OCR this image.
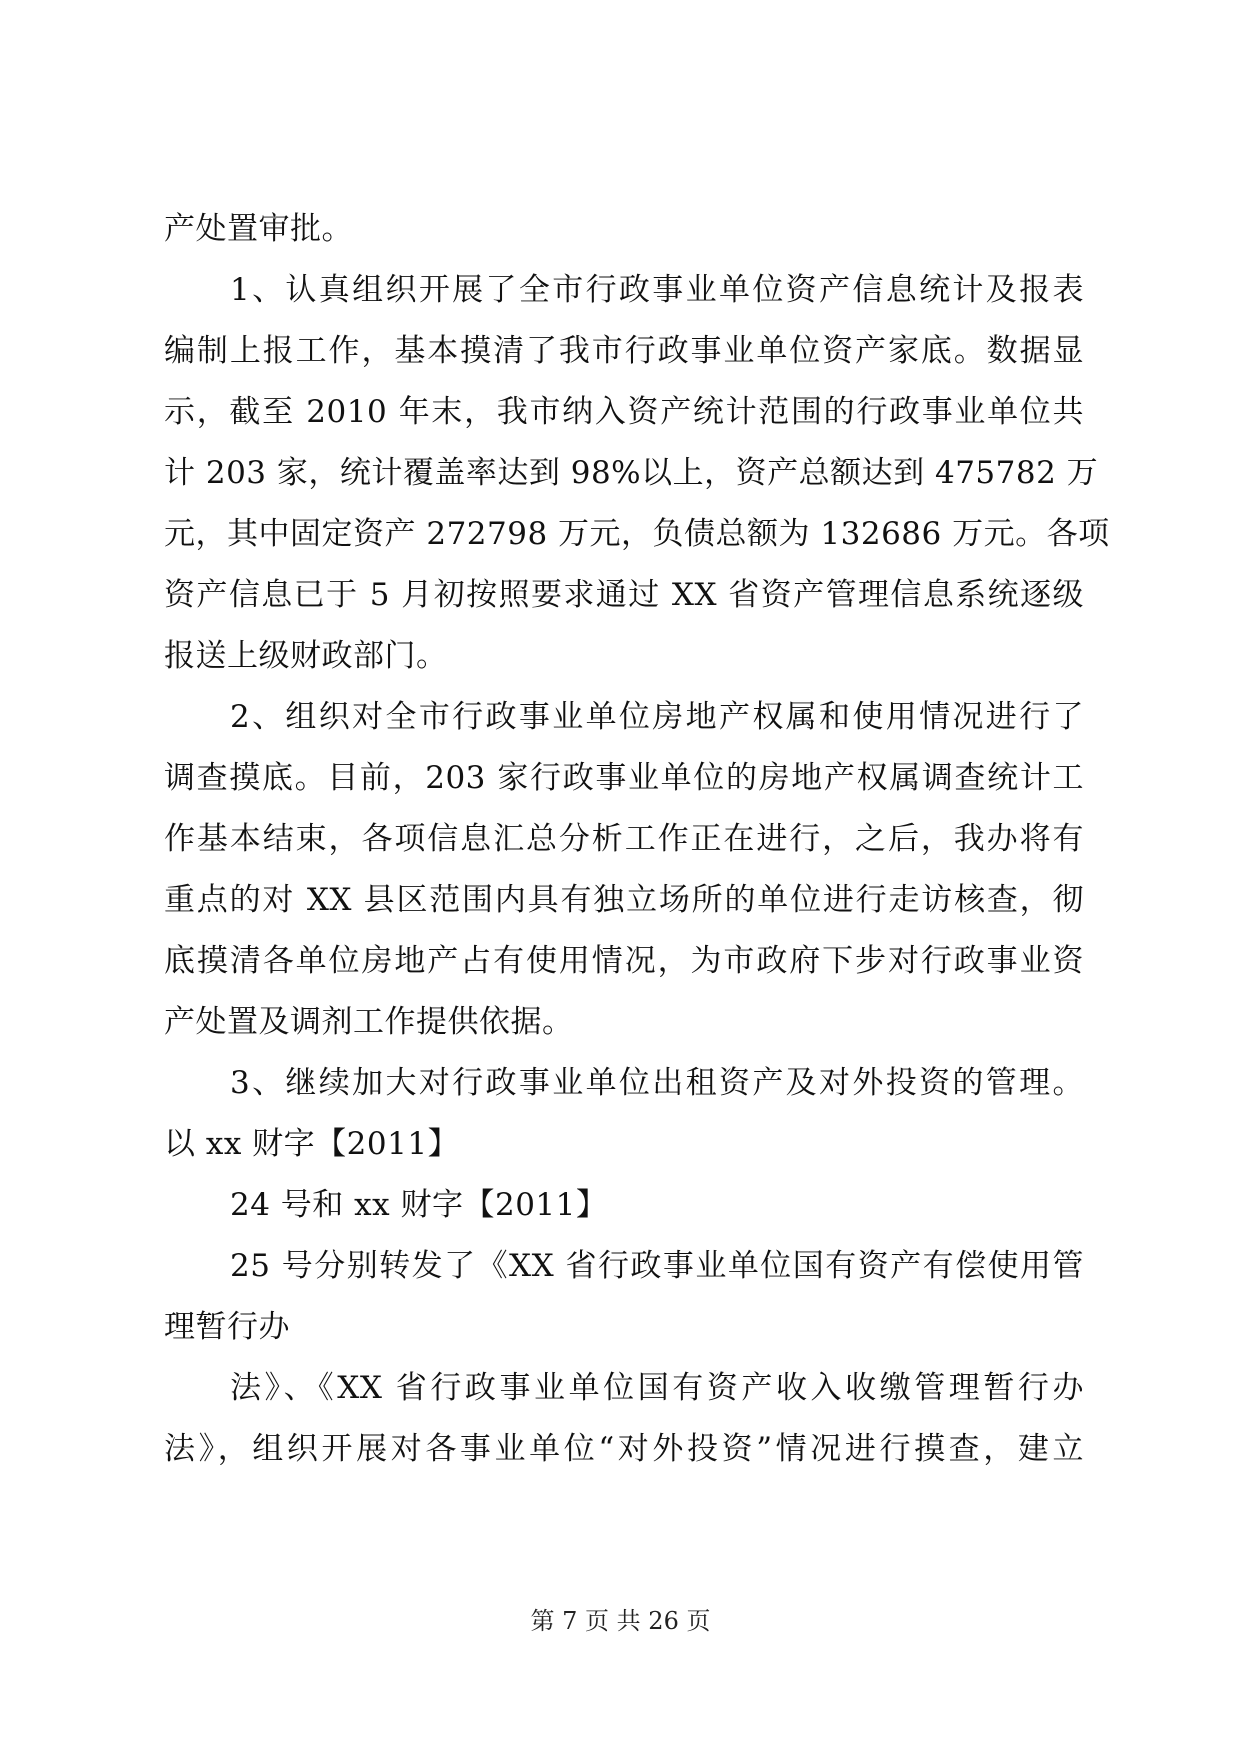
产处置审批。
1、认真组织开展了全市行政事业单位资产信息统计及报表
编制上报工作，基本摸清了我市行政事业单位资产家底。数据显
示，截至 2010 年末，我市纳入资产统计范围的行政事业单位共
计 203 家，统计覆盖率达到 98%以上，资产总额达到 475782 万
元，其中固定资产 272798 万元，负债总额为 132686 万元。各项
资产信息已于 5 月初按照要求通过 XX 省资产管理信息系统逐级
报送上级财政部门。
2、组织对全市行政事业单位房地产权属和使用情况进行了
调查摸底。目前，203 家行政事业单位的房地产权属调查统计工
作基本结束，各项信息汇总分析工作正在进行，之后，我办将有
重点的对 XX 县区范围内具有独立场所的单位进行走访核查，彻
底摸清各单位房地产占有使用情况，为市政府下步对行政事业资
产处置及调剂工作提供依据。
3、继续加大对行政事业单位出租资产及对外投资的管理。
以 xx 财字【2011】
24 号和 xx 财字【2011】
25 号分别转发了《XX 省行政事业单位国有资产有偿使用管
理暂行办
法》、《XX 省行政事业单位国有资产收入收缴管理暂行办
法》，组织开展对各事业单位“对外投资”情况进行摸查，建立
第 7 页 共 26 页
